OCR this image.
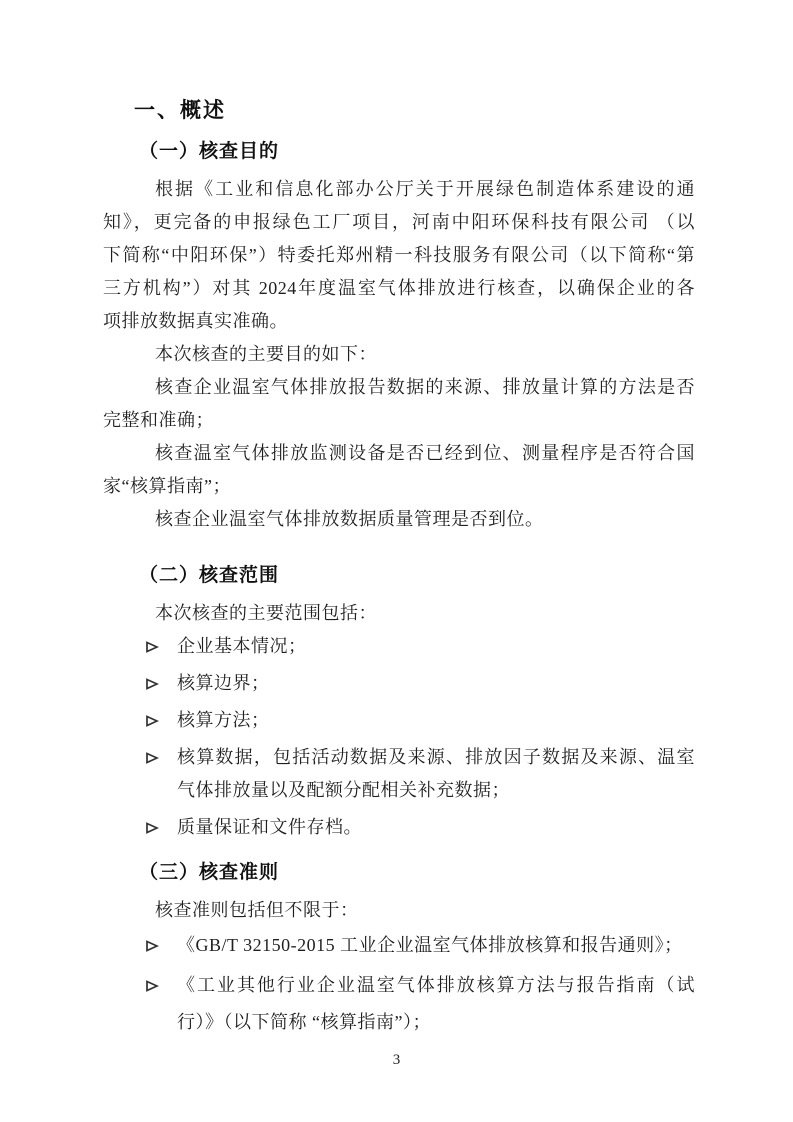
一、概述
（一）核查目的
根据《工业和信息化部办公厅关于开展绿色制造体系建设的通
知》，更完备的申报绿色工厂项目，河南中阳环保科技有限公司 （以
下简称“中阳环保”）特委托郑州精一科技服务有限公司（以下简称“第
三方机构”）对其 2024年度温室气体排放进行核查，以确保企业的各
项排放数据真实准确。
本次核查的主要目的如下：
核查企业温室气体排放报告数据的来源、排放量计算的方法是否
完整和准确；
核查温室气体排放监测设备是否已经到位、测量程序是否符合国
家“核算指南”；
核查企业温室气体排放数据质量管理是否到位。
（二）核查范围
本次核查的主要范围包括：
企业基本情况；
核算边界；
核算方法；
核算数据，包括活动数据及来源、排放因子数据及来源、温室
气体排放量以及配额分配相关补充数据；
质量保证和文件存档。
（三）核查准则
核查准则包括但不限于：
《GB/T 32150-2015 工业企业温室气体排放核算和报告通则》；
《工业其他行业企业温室气体排放核算方法与报告指南（试
行）》（以下简称 “核算指南”）；
3
